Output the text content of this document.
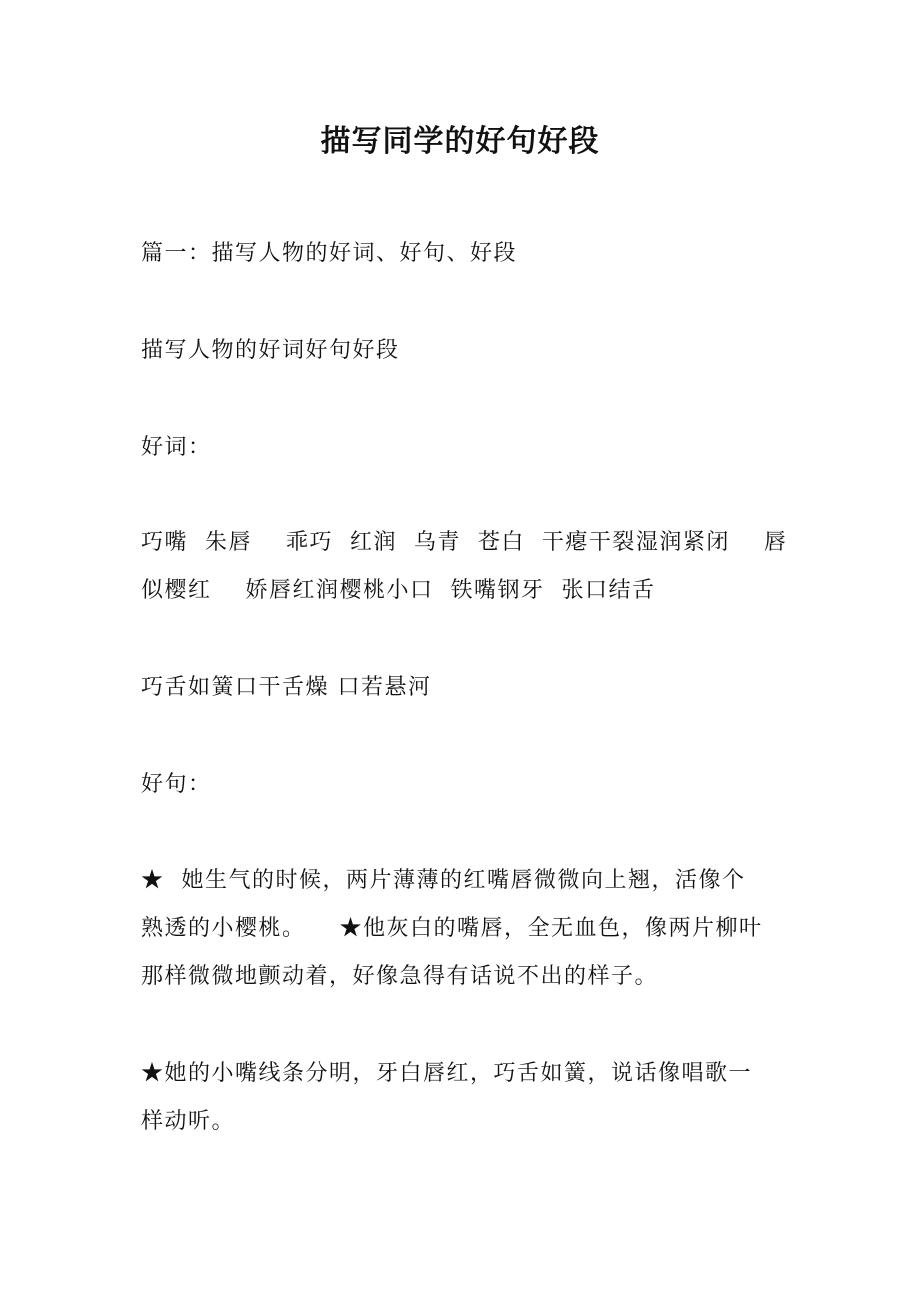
描写同学的好句好段

篇一：描写人物的好词、好句、好段

描写人物的好词好句好段

好词：

巧嘴  朱唇    乖巧  红润  乌青  苍白  干瘪干裂湿润紧闭    唇
似樱红    娇唇红润樱桃小口  铁嘴钢牙  张口结舌

巧舌如簧口干舌燥 口若悬河

好句：

★  她生气的时候，两片薄薄的红嘴唇微微向上翘，活像个
熟透的小樱桃。    ★他灰白的嘴唇，全无血色，像两片柳叶
那样微微地颤动着，好像急得有话说不出的样子。
★她的小嘴线条分明，牙白唇红，巧舌如簧，说话像唱歌一
样动听。
